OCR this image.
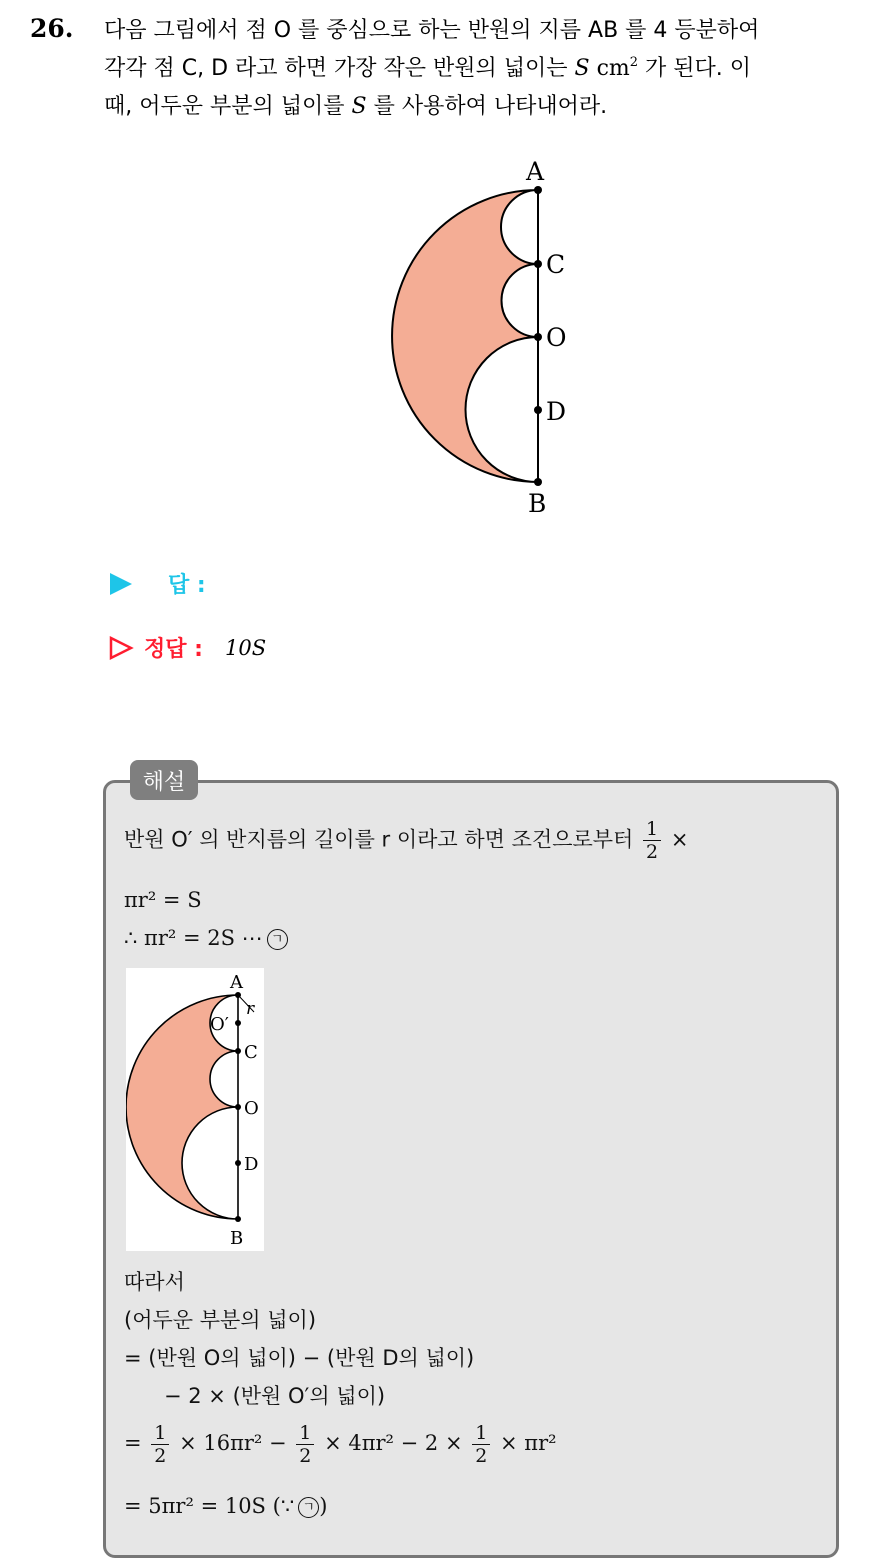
26. 다음 그림에서 점 O 를 중심으로 하는 반원의 지름 AB 를 4 등분하여

각각 점 C, D 라고 하면 가장 작은 반원의 넓이는 S $cm^2$ 가 된다. 이

때, 어두운 부분의 넓이를 S 를 사용하여 나타내어라.

A
C
O
D
B
답 :
정답 : 10S
해설
반원 O′ 의 반지름의 길이를 r 이라고 하면 조건으로부터 $\frac{1}{2}$ ×
πr² = S
∴ πr² = 2S ⋯ ㄱ
따라서
(어두운 부분의 넓이)
= (반원 O의 넓이) − (반원 D의 넓이)
− 2 × (반원 O′의 넓이)
= $\frac{1}{2} \times 16\pi r^2 - \frac{1}{2} \times 4\pi r^2 - 2 \times \frac{1}{2} \times \pi r^2$
= 5πr² = 10S (∵ ㄱ )
A
r
O′
C
O
D
B
